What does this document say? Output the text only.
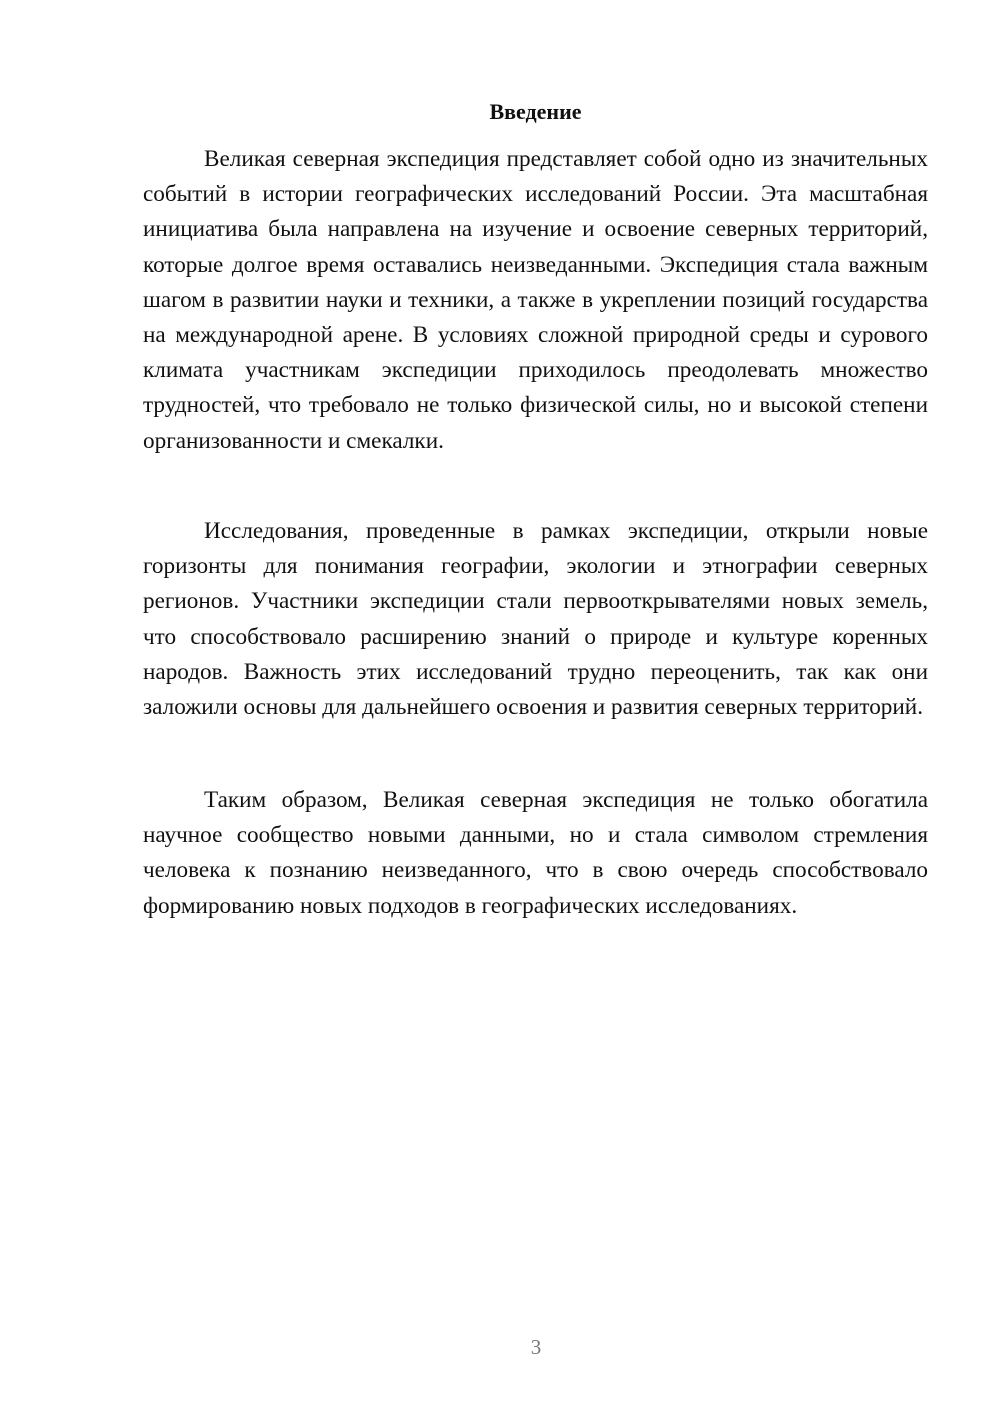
Введение

Великая северная экспедиция представляет собой одно из значительных событий в истории географических исследований России. Эта масштабная инициатива была направлена на изучение и освоение северных территорий, которые долгое время оставались неизведанными. Экспедиция стала важным шагом в развитии науки и техники, а также в укреплении позиций государства на международной арене. В условиях сложной природной среды и сурового климата участникам экспедиции приходилось преодолевать множество трудностей, что требовало не только физической силы, но и высокой степени организованности и смекалки.

Исследования, проведенные в рамках экспедиции, открыли новые горизонты для понимания географии, экологии и этнографии северных регионов. Участники экспедиции стали первооткрывателями новых земель, что способствовало расширению знаний о природе и культуре коренных народов. Важность этих исследований трудно переоценить, так как они заложили основы для дальнейшего освоения и развития северных территорий.

Таким образом, Великая северная экспедиция не только обогатила научное сообщество новыми данными, но и стала символом стремления человека к познанию неизведанного, что в свою очередь способствовало формированию новых подходов в географических исследованиях.

3
